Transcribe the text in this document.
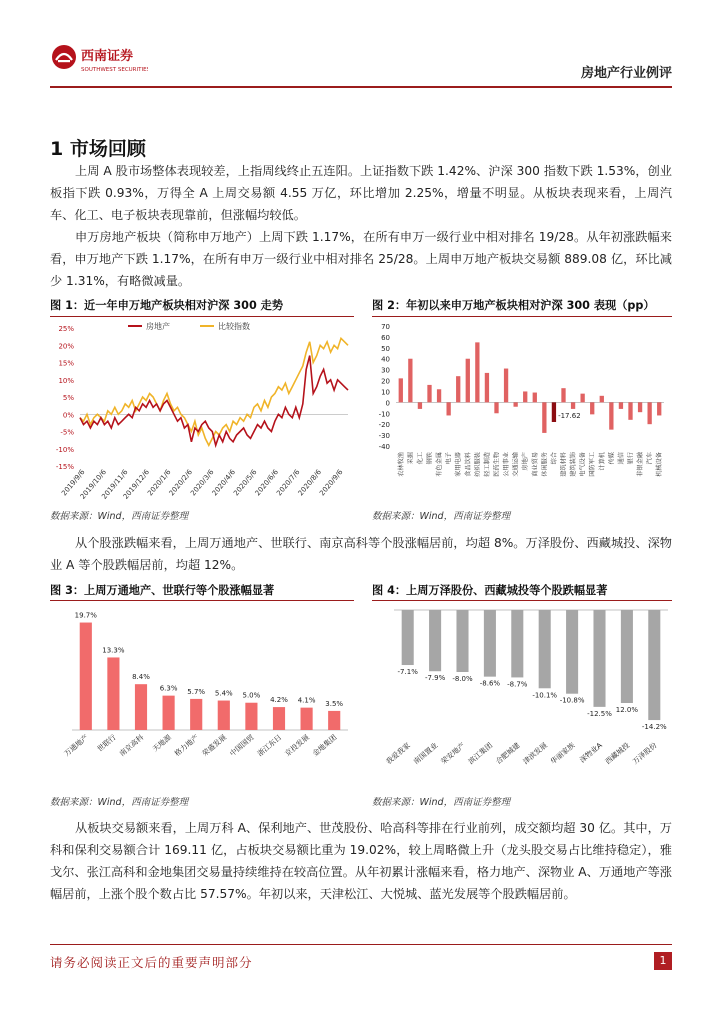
西南证券
SOUTHWEST SECURITIES	房地产行业例评
1 市场回顾
上周 A 股市场整体表现较差，上指周线终止五连阳。上证指数下跌 1.42%、沪深 300 指数下跌 1.53%，创业板指下跌 0.93%，万得全 A 上周交易额 4.55 万亿，环比增加 2.25%，增量不明显。从板块表现来看，上周汽车、化工、电子板块表现靠前，但涨幅均较低。
申万房地产板块（简称申万地产）上周下跌 1.17%，在所有申万一级行业中相对排名 19/28。从年初涨跌幅来看，申万地产下跌 1.17%，在所有申万一级行业中相对排名 25/28。上周申万地产板块交易额 889.08 亿，环比减少 1.31%，有略微减量。
图 1：近一年申万地产板块相对沪深 300 走势
25%
20%
15%
10%
5%
0%
-5%
-10%
-15%
房地产	比较指数
2019/9/6
2019/10/6
2019/11/6
2019/12/6
2020/1/6
2020/2/6
2020/3/6
2020/4/6
2020/5/6
2020/6/6
2020/7/6
2020/8/6
2020/9/6
数据来源：Wind，西南证券整理
图 2：年初以来申万地产板块相对沪深 300 表现（pp）
70
60
50
40
30
20
10
0
-10
-20
-30
-40
农林牧渔 采掘 化工 钢铁 有色金属 电子 家用电器 食品饮料 纺织服装 轻工制造 医药生物 公用事业 交通运输 房地产 商业贸易 休闲服务 综合
-17.62
建筑材料 建筑装饰 电气设备 国防军工 计算机 传媒 通信 银行 非银金融 汽车 机械设备
数据来源：Wind，西南证券整理
从个股涨跌幅来看，上周万通地产、世联行、南京高科等个股涨幅居前，均超 8%。万泽股份、西藏城投、深物业 A 等个股跌幅居前，均超 12%。
图 3：上周万通地产、世联行等个股涨幅显著
19.7%
万通地产
13.3%
世联行
8.4%
南京高科
6.3%
天地源
5.7%
格力地产
5.4%
荣盛发展
5.0%
中国国贸
4.2%
浙江东日
4.1%
京投发展
3.5%
金地集团
数据来源：Wind，西南证券整理
图 4：上周万泽股份、西藏城投等个股跌幅显著
-7.1%
我爱我家
-7.9%
南国置业
-8.0%
荣安地产
-8.6%
滨江集团
-8.7%
合肥城建
-10.1%
津滨发展
-10.8%
华丽家族
-12.5%
深物业A
12.0%
西藏城投
-14.2%
万泽股份
数据来源：Wind，西南证券整理
从板块交易额来看，上周万科 A、保利地产、世茂股份、哈高科等排在行业前列，成交额均超 30 亿。其中，万科和保利交易额合计 169.11 亿，占板块交易额比重为 19.02%，较上周略微上升（龙头股交易占比维持稳定），雅戈尔、张江高科和金地集团交易量持续维持在较高位置。从年初累计涨幅来看，格力地产、深物业 A、万通地产等涨幅居前，上涨个股个数占比 57.57%。年初以来，天津松江、大悦城、蓝光发展等个股跌幅居前。
请务必阅读正文后的重要声明部分	1
